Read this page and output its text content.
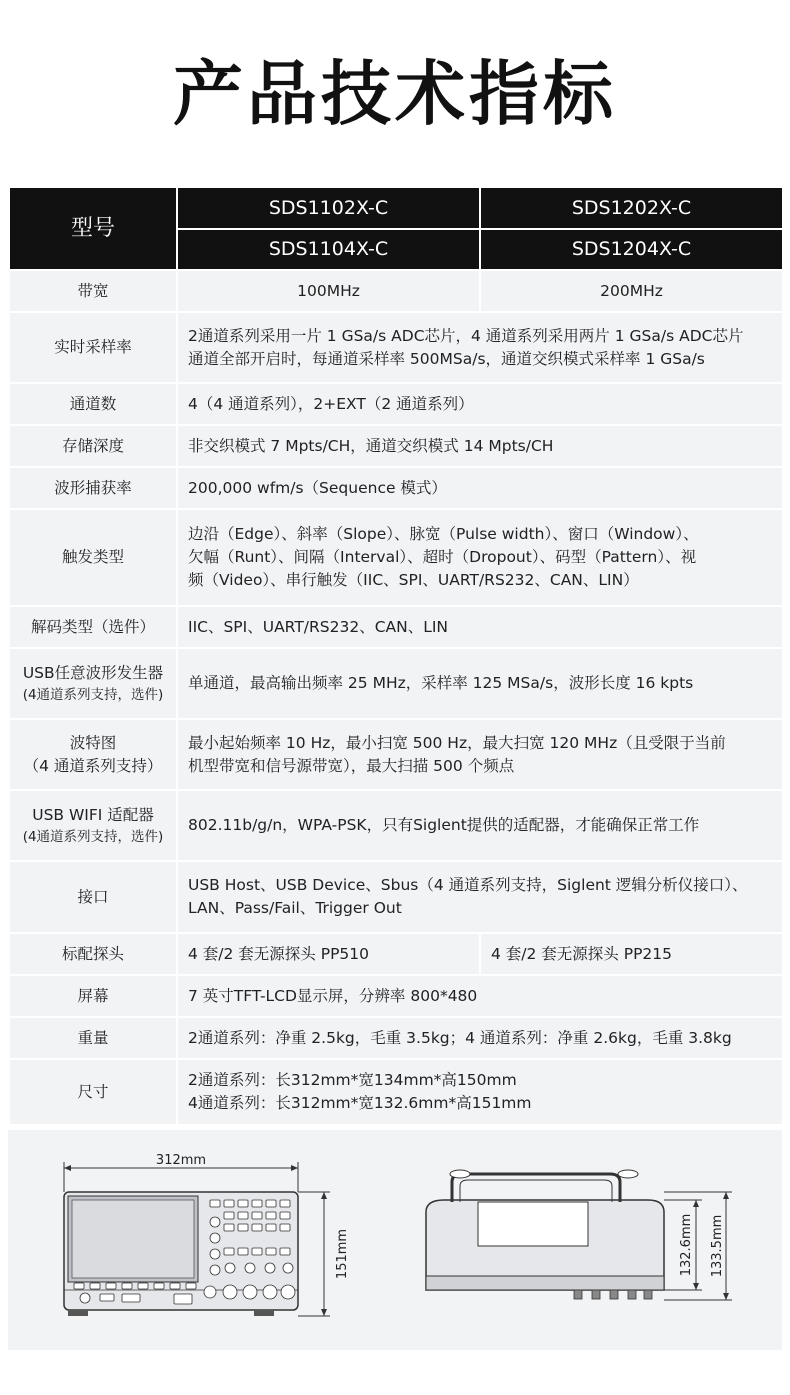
产品技术指标
型号	SDS1102X-C	SDS1202X-C
	SDS1104X-C	SDS1204X-C
带宽	100MHz	200MHz
实时采样率	2通道系列采用一片 1 GSa/s ADC芯片，4 通道系列采用两片 1 GSa/s ADC芯片
通道全部开启时，每通道采样率 500MSa/s，通道交织模式采样率 1 GSa/s	

通道数	4（4 通道系列），2+EXT（2 通道系列）	
存储深度	非交织模式 7 Mpts/CH，通道交织模式 14 Mpts/CH	
波形捕获率	200,000 wfm/s（Sequence 模式）	
触发类型	边沿（Edge）、斜率（Slope）、脉宽（Pulse width）、窗口（Window）、
欠幅（Runt）、间隔（Interval）、超时（Dropout）、码型（Pattern）、视
频（Video）、串行触发（IIC、SPI、UART/RS232、CAN、LIN）	

解码类型（选件）	IIC、SPI、UART/RS232、CAN、LIN	

USB任意波形发生器
(4通道系列支持，选件)	单通道，最高输出频率 25 MHz，采样率 125 MSa/s，波形长度 16 kpts	

波特图
（4 通道系列支持）	最小起始频率 10 Hz，最小扫宽 500 Hz，最大扫宽 120 MHz（且受限于当前
机型带宽和信号源带宽），最大扫描 500 个频点	

USB WIFI 适配器
(4通道系列支持，选件)	802.11b/g/n，WPA-PSK，只有Siglent提供的适配器，才能确保正常工作	
接口	USB Host、USB Device、Sbus（4 通道系列支持，Siglent 逻辑分析仪接口）、
LAN、Pass/Fail、Trigger Out	

标配探头	4 套/2 套无源探头 PP510	4 套/2 套无源探头 PP215
屏幕	7 英寸TFT-LCD显示屏，分辨率 800*480	
重量	2通道系列：净重 2.5kg，毛重 3.5kg；4 通道系列：净重 2.6kg，毛重 3.8kg	
尺寸	2通道系列：长312mm*宽134mm*高150mm
4通道系列：长312mm*宽132.6mm*高151mm	
312mm
151mm	132.6mm 133.5mm
